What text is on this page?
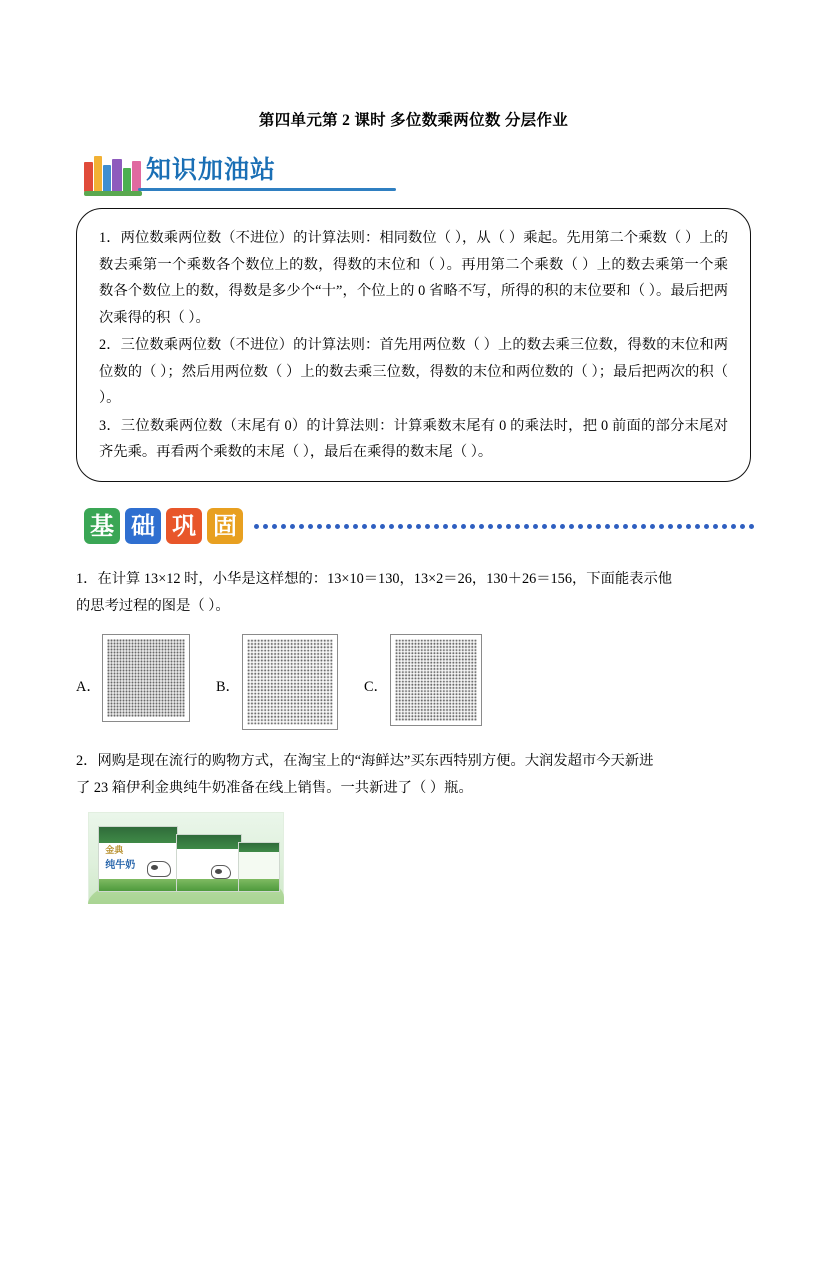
第四单元第 2 课时 多位数乘两位数 分层作业
知识加油站
1．两位数乘两位数（不进位）的计算法则：相同数位（ ），从（ ）乘起。先用第二个乘数（ ）上的数去乘第一个乘数各个数位上的数，得数的末位和（ ）。再用第二个乘数（ ）上的数去乘第一个乘数各个数位上的数，得数是多少个“十”，个位上的 0 省略不写，所得的积的末位要和（ ）。最后把两次乘得的积（ ）。
2．三位数乘两位数（不进位）的计算法则：首先用两位数（ ）上的数去乘三位数，得数的末位和两位数的（ ）；然后用两位数（ ）上的数去乘三位数，得数的末位和两位数的（ ）；最后把两次的积（ ）。
3．三位数乘两位数（末尾有 0）的计算法则：计算乘数末尾有 0 的乘法时，把 0 前面的部分末尾对齐先乘。再看两个乘数的末尾（ ），最后在乘得的数末尾（ ）。
基 础 巩 固
1．在计算 13×12 时，小华是这样想的：13×10＝130，13×2＝26，130＋26＝156，下面能表示他
的思考过程的图是（ ）。
A．	B．	C．
2．网购是现在流行的购物方式，在淘宝上的“海鲜达”买东西特别方便。大润发超市今天新进
了 23 箱伊利金典纯牛奶准备在线上销售。一共新进了（ ）瓶。
金典
纯牛奶
